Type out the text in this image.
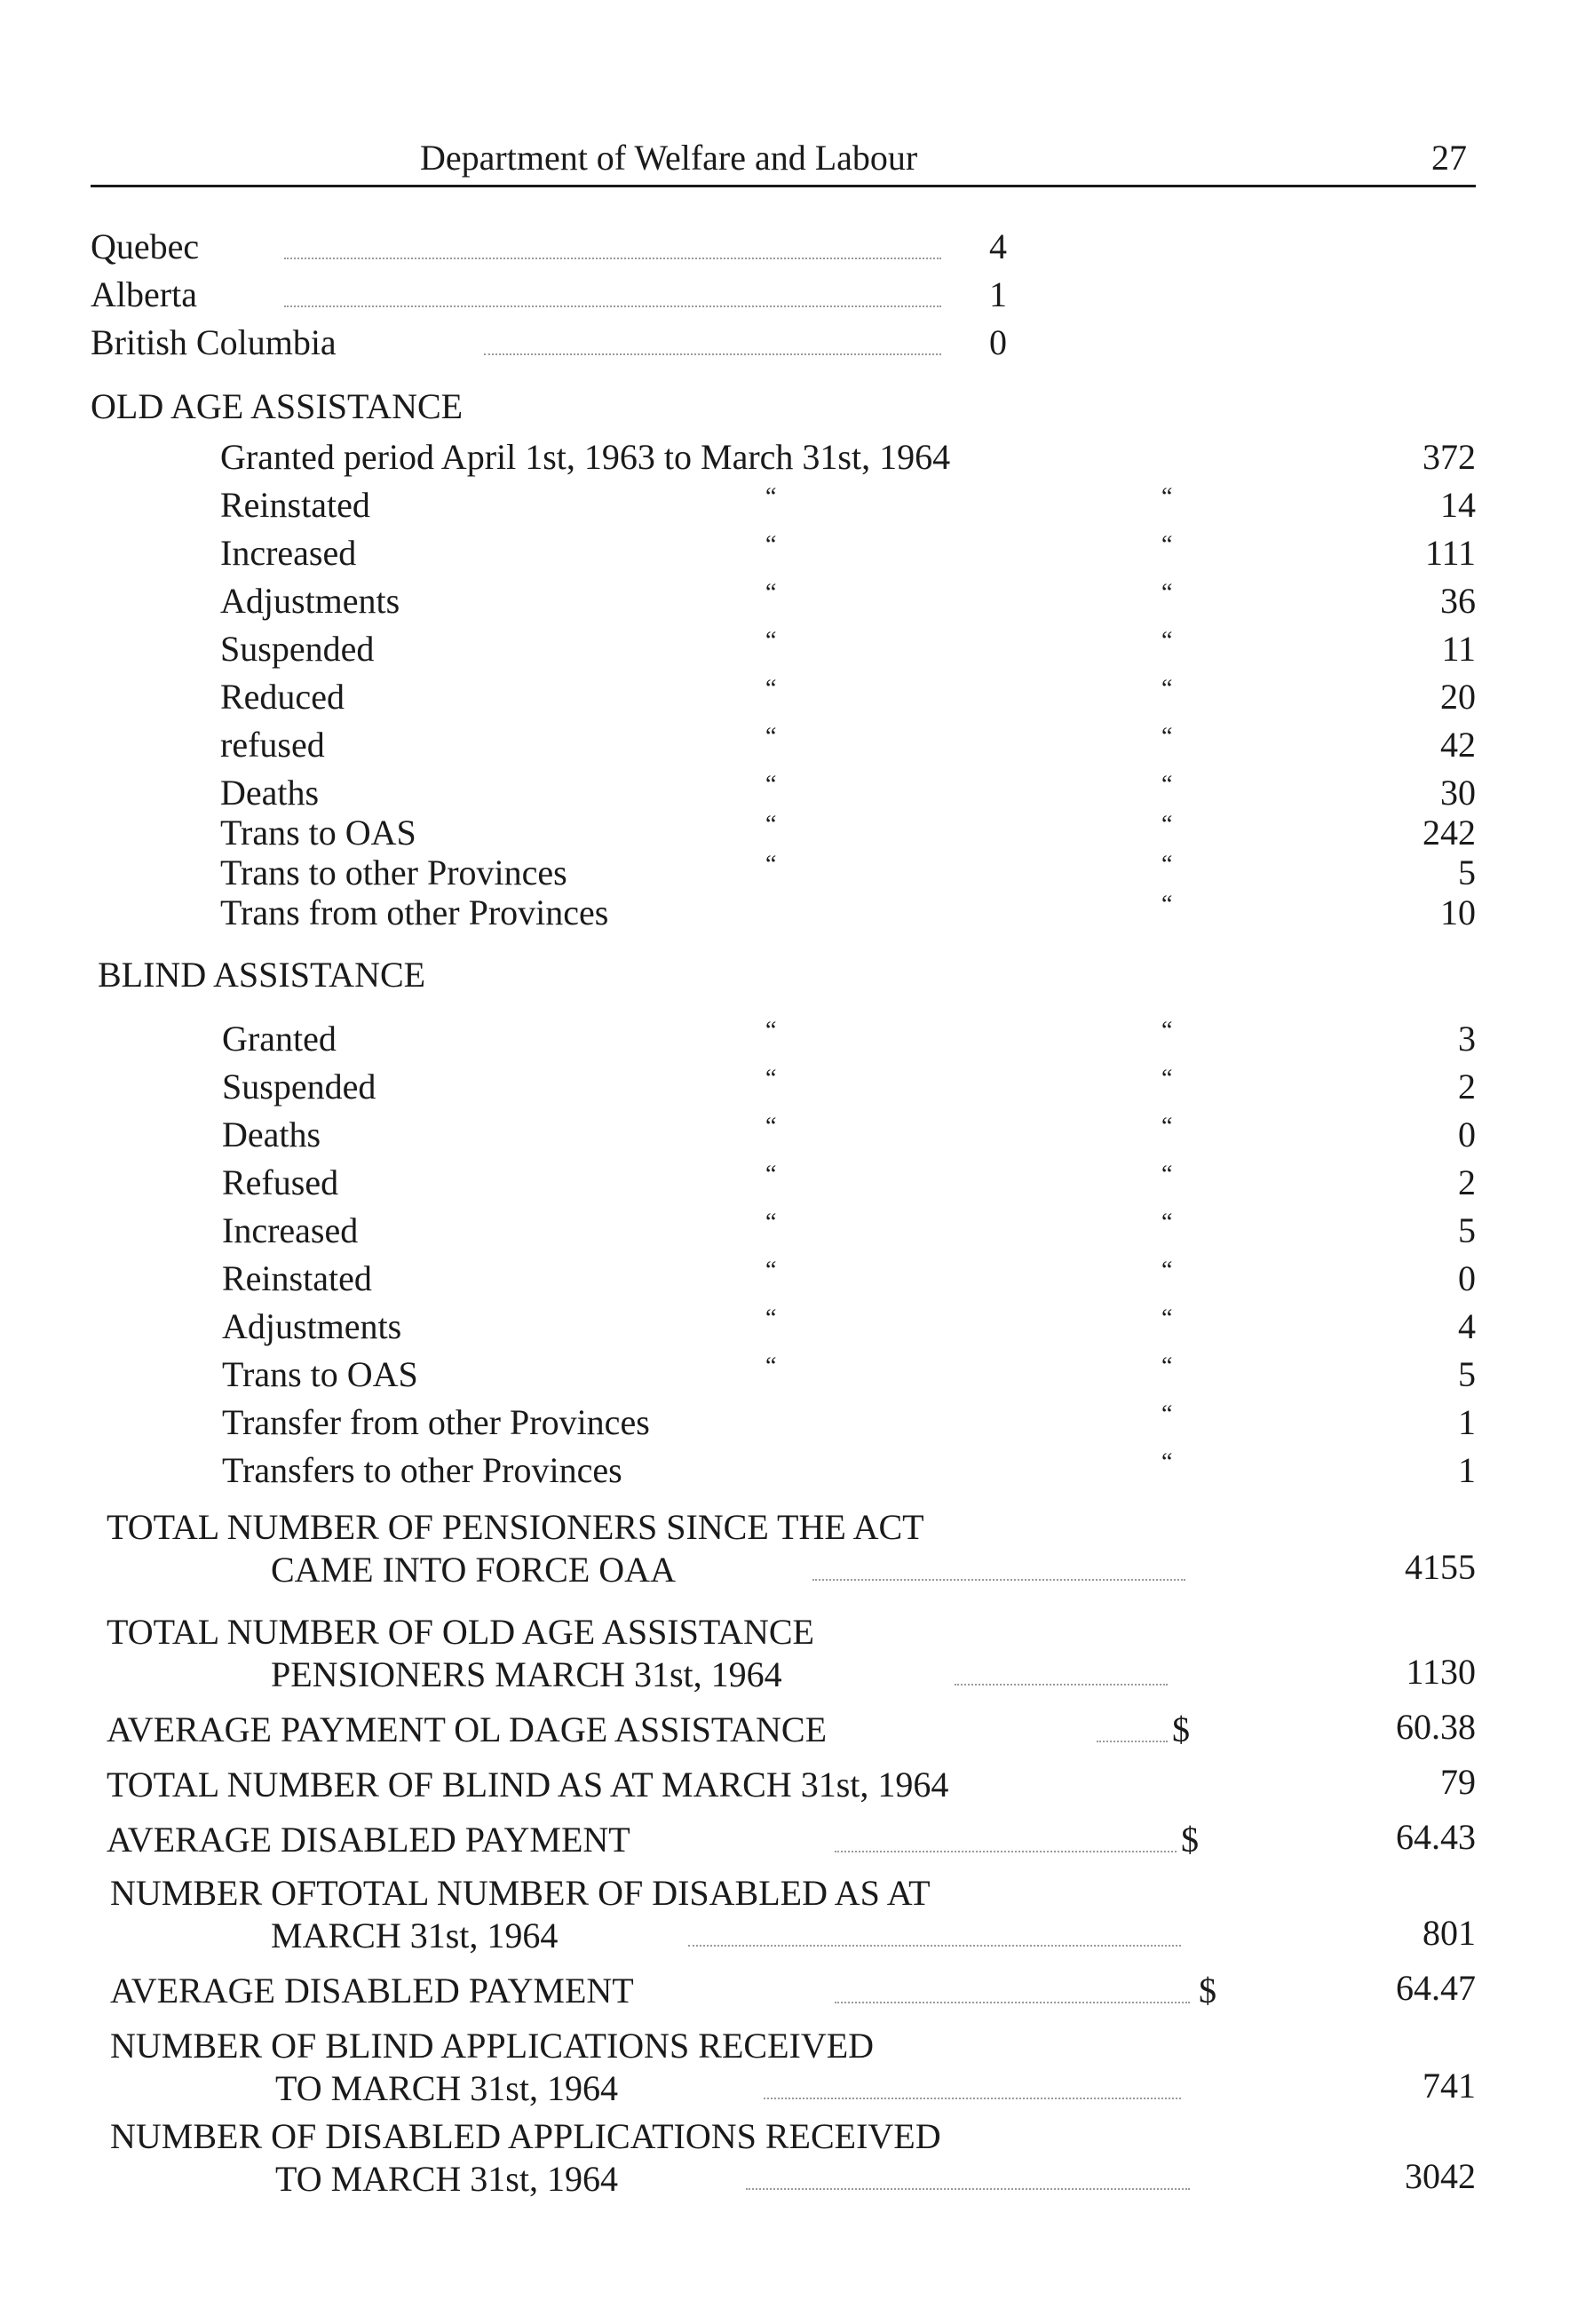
Department of Welfare and Labour	27
Quebec	4
Alberta	1
British Columbia	0
OLD AGE ASSISTANCE
Granted period April 1st, 1963 to March 31st, 1964	372
Reinstated	“	“	14
Increased	“	“	111
Adjustments	“	“	36
Suspended	“	“	11
Reduced	“	“	20
refused	“	“	42
Deaths	“	“	30
Trans to OAS	“	“	242
Trans to other Provinces	“	“	5
Trans from other Provinces	“	10
BLIND ASSISTANCE
Granted	“	“	3
Suspended	“	“	2
Deaths	“	“	0
Refused	“	“	2
Increased	“	“	5
Reinstated	“	“	0
Adjustments	“	“	4
Trans to OAS	“	“	5
Transfer from other Provinces	“	1
Transfers to other Provinces	“	1
TOTAL NUMBER OF PENSIONERS SINCE THE ACT
CAME INTO FORCE OAA	4155
TOTAL NUMBER OF OLD AGE ASSISTANCE
PENSIONERS MARCH 31st, 1964	1130
AVERAGE PAYMENT OL DAGE ASSISTANCE	$	60.38
TOTAL NUMBER OF BLIND AS AT MARCH 31st, 1964	79
AVERAGE DISABLED PAYMENT	$	64.43
NUMBER OFTOTAL NUMBER OF DISABLED AS AT
MARCH 31st, 1964	801
AVERAGE DISABLED PAYMENT	$	64.47
NUMBER OF BLIND APPLICATIONS RECEIVED
TO MARCH 31st, 1964	741
NUMBER OF DISABLED APPLICATIONS RECEIVED
TO MARCH 31st, 1964	3042
